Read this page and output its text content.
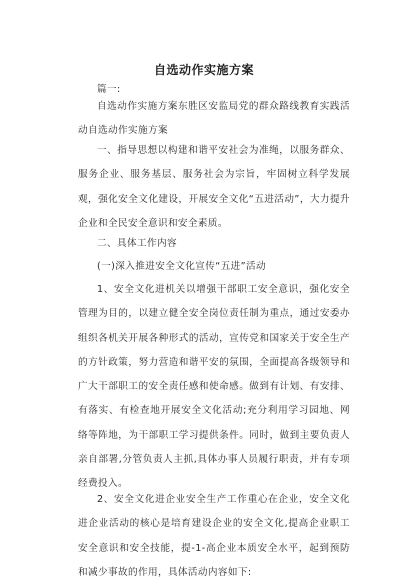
自选动作实施方案

篇一:

自选动作实施方案东胜区安监局党的群众路线教育实践活动自选动作实施方案

一、指导思想以构建和谐平安社会为准绳，以服务群众、服务企业、服务基层、服务社会为宗旨，牢固树立科学发展观，强化安全文化建设，开展安全文化“五进活动”，大力提升企业和全民安全意识和安全素质。

二、具体工作内容

(一)深入推进安全文化宣传“五进”活动

1、安全文化进机关以增强干部职工安全意识，强化安全管理为目的，以建立健全安全岗位责任制为重点，通过安委办组织各机关开展各种形式的活动，宣传党和国家关于安全生产的方针政策，努力营造和谐平安的氛围，全面提高各级领导和广大干部职工的安全责任感和使命感。做到有计划、有安排、有落实、有检查地开展安全文化活动;充分利用学习园地、网络等阵地，为干部职工学习提供条件。同时，做到主要负责人亲自部署,分管负责人主抓,具体办事人员履行职责，并有专项经费投入。

2、安全文化进企业安全生产工作重心在企业，安全文化进企业活动的核心是培育建设企业的安全文化,提高企业职工安全意识和安全技能，提-1-高企业本质安全水平，起到预防和减少事故的作用，具体活动内容如下:
